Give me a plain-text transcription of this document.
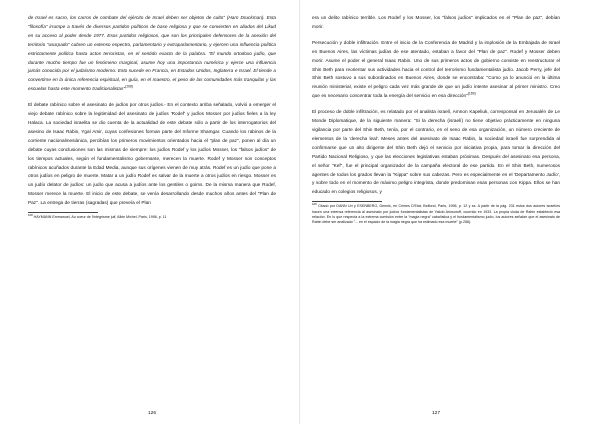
de Israel es sacro, los carros de combate del ejército de Israel deben ser objetos de culto" (Harn Druckman). Esta "filosofía" irrumpe a través de diversos partidos políticos de base religiosa y que se convierten en aliados del Likud en su acceso al poder desde 1977. Esos partidos religiosos, que son los principales defensores de la anexión del territorio "usurpado" cubren un extenso espectro, parlamentario y extraparlamentario, y ejercen una influencia política estrictamente política hasta actos terroristas, en el sentido exacto de la palabra. "El mundo ortodoxo judío, que durante mucho tiempo fue un fenómeno marginal, asume hoy una importancia numérica y ejerce una influencia jamás conocida por el judaísmo moderno. Esto sucede en Francia, en Estados Unidos, Inglaterra e Israel. El tiende a convertirse en la única referencia espiritual, en guía, en el maestro, el peso de las comunidades más tranquilas y las escuelas hasta este momento tradicionalistas"$^{(168)}$

El debate rabínico sobre el asesinato de judíos por otros judíos.- En el contexto arriba señalado, volvió a emerger el viejo debate rabínico sobre la legitimidad del asesinato de judíos 'Rodef' y judíos Mosser por judíos fieles a la ley Halaca. La sociedad israelita se dio cuenta de la actualidad de este debate sólo a partir de los interrogatorios del asesino de Isaac Rabin, Ygal Amir, cuyas confesiones forman parte del Informe Shamgar. Cuando los rabinos de la corriente nacionalmesiánica, percibían los primeros movimientos orientados hacia el "plan de paz", ponen al día un debate cuyas conclusiones son las mismas de siempre: los judíos Rodef y los judíos Mosser, los "falsos judíos" de los tiempos actuales, según el fundamentalismo gobernante, merecen la muerte. Rodef y Mosser son conceptos rabínicos acuñados durante la Edad Media, aunque sus orígenes vienen de muy atrás. Rodef es un judío que pone a otros judíos en peligro de muerte. Matar a un judío Rodef es salvar de la muerte a otros judíos en riesgo. Mosser es un judío delator de judíos: un judío que acusa a judíos ante los gentiles o goims. De la misma manera que Rodef, Mosser merece la muerte. El inicio de este debate, se venía desarrollando desde muchos años antes del "Plan de Paz". La entrega de tierras (sagradas) que preveía el Plan

$^{168}$ HAYMANN Emmanuel, Au coeur de l'intégrisme juif, Albin Michel, Paris, 1996, p. 11

era un delito rabínico terrible. Los Rodef y los Mosser, los "falsos judíos" implicados en el "Plan de paz", debían morir.

Persecución y doble infiltración. Entre el inicio de la Conferencia de Madrid y la implosión de la Embajada de Israel en Buenos Aires, las víctimas judías de ese atentado, estaban a favor del "Plan de paz". Rodef y Mosser deben morir. Asume el poder el general Isaac Rabin. Uno de sus primeros actos de gobierno consiste en reestructurar el Shin Beth para reorientar sus actividades hacia el control del terrorismo fundamentalista judío. Jacob Perry, jefe del Shin Beth sostuvo a sus subordinados en Buenos Aires, donde se encontraba: "Como ya lo anunció en la última reunión ministerial, existe el peligro cada vez más grande de que un judío intente asesinar al primer ministro. Creo que es necesario concentrar toda la energía del servicio en esa dirección"$^{(169)}$

El proceso de doble infiltración, es relatado por el analista israelí, Amnon Kapeliuk, corresponsal en Jerusalén de Le Monde Diplomatique, de la siguiente manera: "Si la derecha (israelí) no tiene objetivo prácticamente en ninguna vigilancia por parte del Shin Beth, tenía, por el contrario, en el seno de esa organización, un número creciente de elementos de la 'derecha leal'. Meses antes del asesinato de Isaac Rabin, la sociedad israelí fue sorprendida al confirmarse que un alto dirigente del Shin Beth dejó el servicio por iniciativa propia, para tomar la dirección del Partido Nacional Religioso, y que las elecciones legislativas estaban próximas. Después del asesinato esa persona, el señor "Kef", fue el principal organizador de la campaña electoral de ese partido. En el Shin Beth, numerosos agentes de todos los grados llevan la "Kippa" sobre sus cabezas. Pero es especialmente en el 'Departamento Judío', y sobre todo en el momento de máximo peligro integrista, donde predominan esas personas con Kippa. Ellos se han educado en colegios religiosos, y

$^{169}$ Citado por DANN Uri y ESENBERG, Dennis, en Crimes D'Etat, Belfond, Paris, 1996, p. 12 y ss. A partir de la pág. 231 estos dos autores israelíes hacen una extensa referencia al asesinato por judíos fundamentalistas de Yakob Arlosoroff, ocurrido en 1933. La propia viuda de Rabin estableció esa relación. En lo que respecta a la extrema comisión entre la "magia negra" cabalística y el fundamentalismo judío, los autores señalan que el asesinato de Rabin debe ser analizado "... en el espacio de la magia negra que ha estimado esa muerte" (p.256).

126	127
